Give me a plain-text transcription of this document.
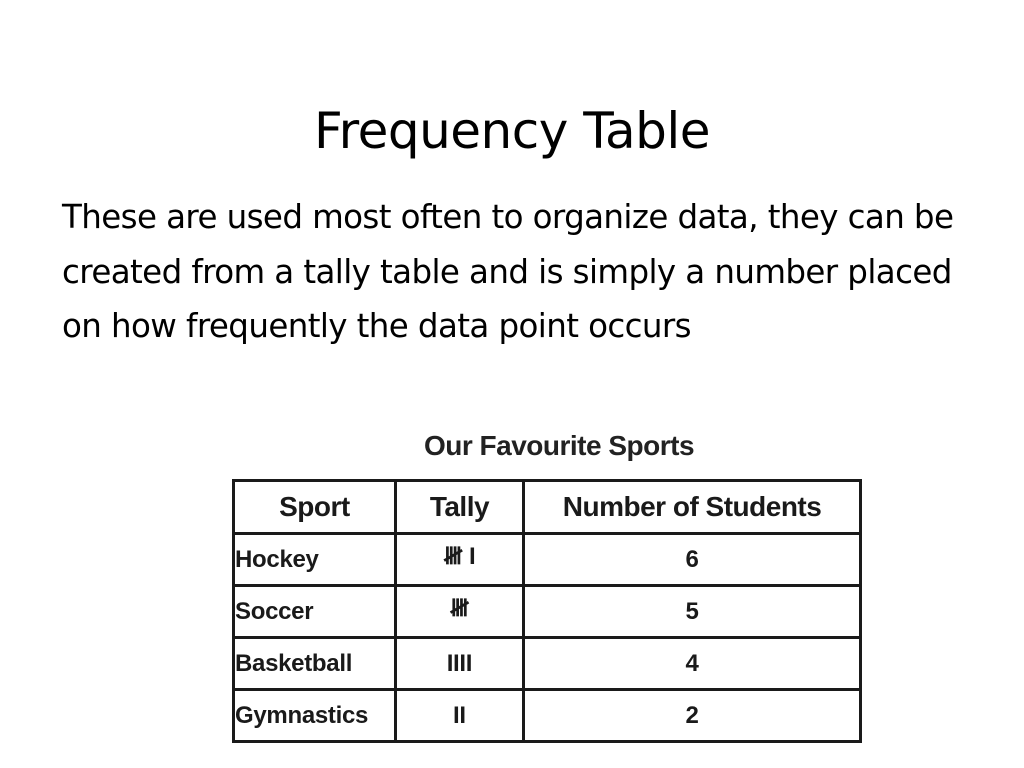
Frequency Table

These are used most often to organize data, they can be created from a tally table and is simply a number placed on how frequently the data point occurs

Our Favourite Sports
Sport	Tally	Number of Students
Hockey	𝍸 I	6
Soccer	𝍸	5
Basketball	IIII	4
Gymnastics	II	2
